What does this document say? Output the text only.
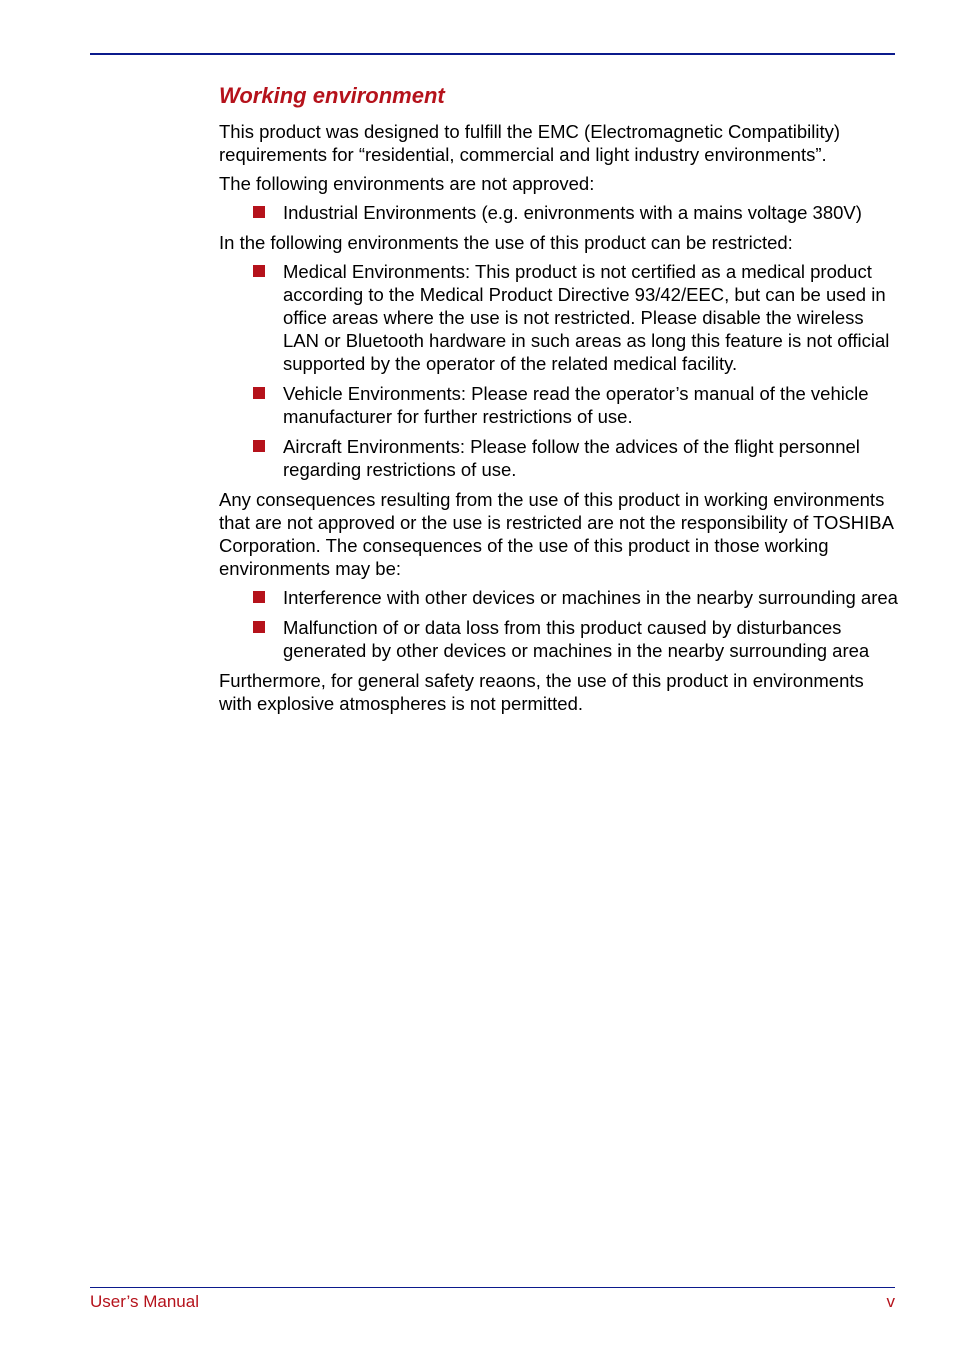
Working environment

This product was designed to fulfill the EMC (Electromagnetic Compatibility) requirements for “residential, commercial and light industry environments”.

The following environments are not approved:

Industrial Environments (e.g. enivronments with a mains voltage 380V)

In the following environments the use of this product can be restricted:

Medical Environments: This product is not certified as a medical product according to the Medical Product Directive 93/42/EEC, but can be used in office areas where the use is not restricted. Please disable the wireless LAN or Bluetooth hardware in such areas as long this feature is not official supported by the operator of the related medical facility.
Vehicle Environments: Please read the operator’s manual of the vehicle manufacturer for further restrictions of use.
Aircraft Environments: Please follow the advices of the flight personnel regarding restrictions of use.

Any consequences resulting from the use of this product in working environments that are not approved or the use is restricted are not the responsibility of TOSHIBA Corporation. The consequences of the use of this product in those working environments may be:

Interference with other devices or machines in the nearby surrounding area
Malfunction of or data loss from this product caused by disturbances generated by other devices or machines in the nearby surrounding area

Furthermore, for general safety reaons, the use of this product in environments with explosive atmospheres is not permitted.

User’s Manual	v
